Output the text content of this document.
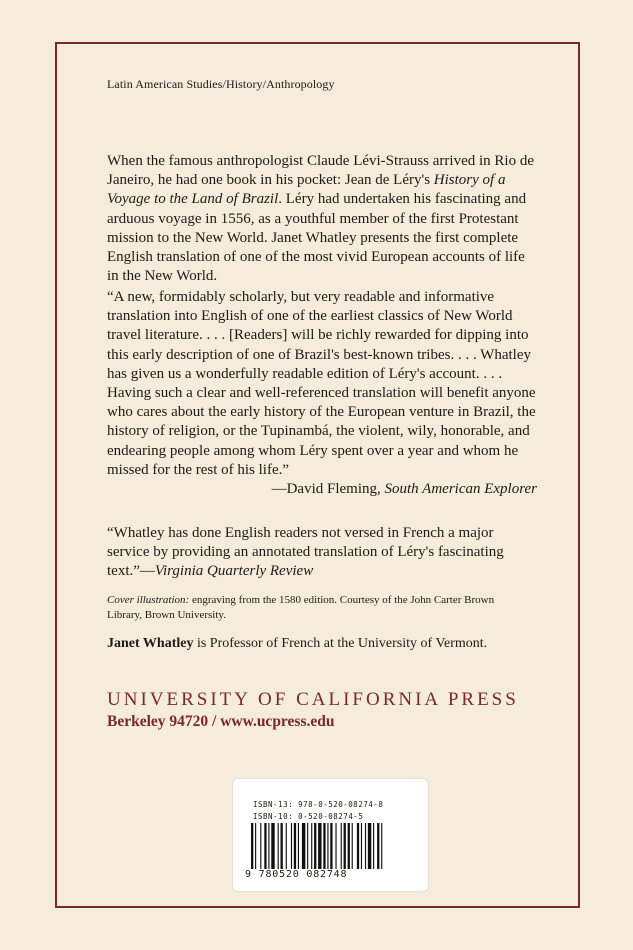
Latin American Studies/History/Anthropology

When the famous anthropologist Claude Lévi-Strauss arrived in Rio de Janeiro, he had one book in his pocket: Jean de Léry's History of a Voyage to the Land of Brazil. Léry had undertaken his fascinating and arduous voyage in 1556, as a youthful member of the first Protestant mission to the New World. Janet Whatley presents the first complete English translation of one of the most vivid European accounts of life in the New World.

“A new, formidably scholarly, but very readable and informative translation into English of one of the earliest classics of New World travel literature. . . . [Readers] will be richly rewarded for dipping into this early description of one of Brazil's best-known tribes. . . . Whatley has given us a wonderfully readable edition of Léry's account. . . . Having such a clear and well-referenced translation will benefit anyone who cares about the early history of the European venture in Brazil, the history of religion, or the Tupinambá, the violent, wily, honorable, and endearing people among whom Léry spent over a year and whom he missed for the rest of his life.”
—David Fleming, South American Explorer

“Whatley has done English readers not versed in French a major service by providing an annotated translation of Léry's fascinating text.”—Virginia Quarterly Review

Cover illustration: engraving from the 1580 edition. Courtesy of the John Carter Brown Library, Brown University.

Janet Whatley is Professor of French at the University of Vermont.

UNIVERSITY OF CALIFORNIA PRESS

Berkeley 94720 / www.ucpress.edu

ISBN-13: 978-0-520-08274-8
ISBN-10: 0-520-08274-5
9 780520 082748
